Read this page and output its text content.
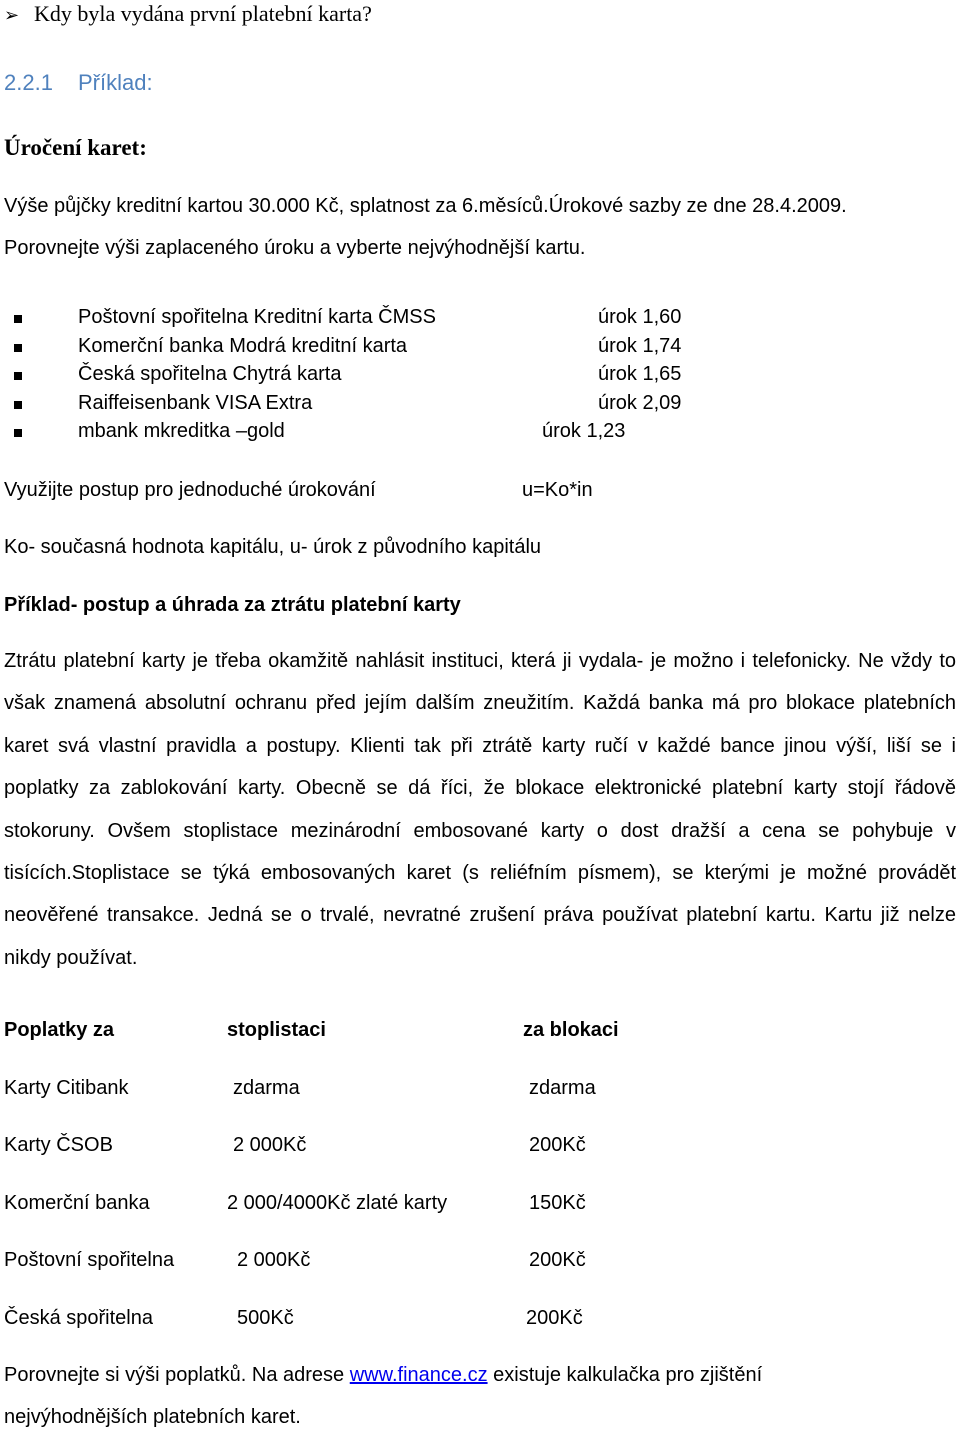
➢ Kdy byla vydána první platební karta?
2.2.1 Příklad:
Úročení karet:
Výše půjčky kreditní kartou 30.000 Kč, splatnost za 6.měsíců.Úrokové sazby ze dne 28.4.2009.
Porovnejte výši zaplaceného úroku a vyberte nejvýhodnější kartu.
Poštovní spořitelna Kreditní karta ČMSS	úrok 1,60
Komerční banka Modrá kreditní karta	úrok 1,74
Česká spořitelna Chytrá karta	úrok 1,65
Raiffeisenbank VISA Extra	úrok 2,09
mbank mkreditka –gold	úrok 1,23
Využijte postup pro jednoduché úrokování	u=Ko*in
Ko- současná hodnota kapitálu, u- úrok z původního kapitálu
Příklad- postup a úhrada za ztrátu platební karty

Ztrátu platební karty je třeba okamžitě nahlásit instituci, která ji vydala- je možno i telefonicky. Ne vždy to však znamená absolutní ochranu před jejím dalším zneužitím. Každá banka má pro blokace platebních karet svá vlastní pravidla a postupy. Klienti tak při ztrátě karty ručí v každé bance jinou výší, liší se i poplatky za zablokování karty. Obecně se dá říci, že blokace elektronické platební karty stojí řádově stokoruny. Ovšem stoplistace mezinárodní embosované karty o dost dražší a cena se pohybuje v tisících.Stoplistace se týká embosovaných karet (s reliéfním písmem), se kterými je možné provádět neověřené transakce. Jedná se o trvalé, nevratné zrušení práva používat platební kartu. Kartu již nelze nikdy používat.

Poplatky za	stoplistaci	za blokaci
Karty Citibank	zdarma	zdarma
Karty ČSOB	2 000Kč	200Kč
Komerční banka	2 000/4000Kč zlaté karty	150Kč
Poštovní spořitelna	2 000Kč	200Kč
Česká spořitelna	500Kč	200Kč
Porovnejte si výši poplatků. Na adrese www.finance.cz existuje kalkulačka pro zjištění
nejvýhodnějších platebních karet.
